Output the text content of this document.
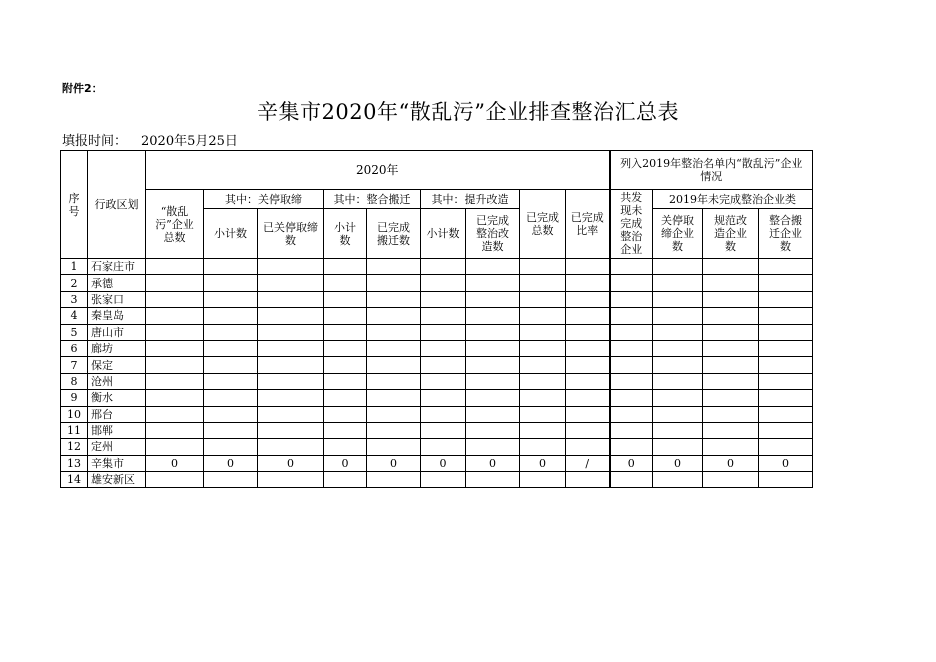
附件2：
辛集市2020年“散乱污”企业排查整治汇总表
填报时间： 2020年5月25日
序号	行政区划	2020年									列入2019年整治名单内“散乱污”企业情况			
		“散乱污”企业总数	其中：关停取缔		其中：整合搬迁		其中：提升改造		已完成总数	已完成比率	共发现未完成整治企业	2019年未完成整治企业类		
			小计数	已关停取缔数	小计数	已完成搬迁数	小计数	已完成整治改造数				关停取缔企业数	规范改造企业数	整合搬迁企业数
1	石家庄市													
2	承德													
3	张家口													
4	秦皇岛													
5	唐山市													
6	廊坊													
7	保定													
8	沧州													
9	衡水													
10	邢台													
11	邯郸													
12	定州													
13	辛集市	0	0	0	0	0	0	0	0	/	0	0	0	0
14	雄安新区													
